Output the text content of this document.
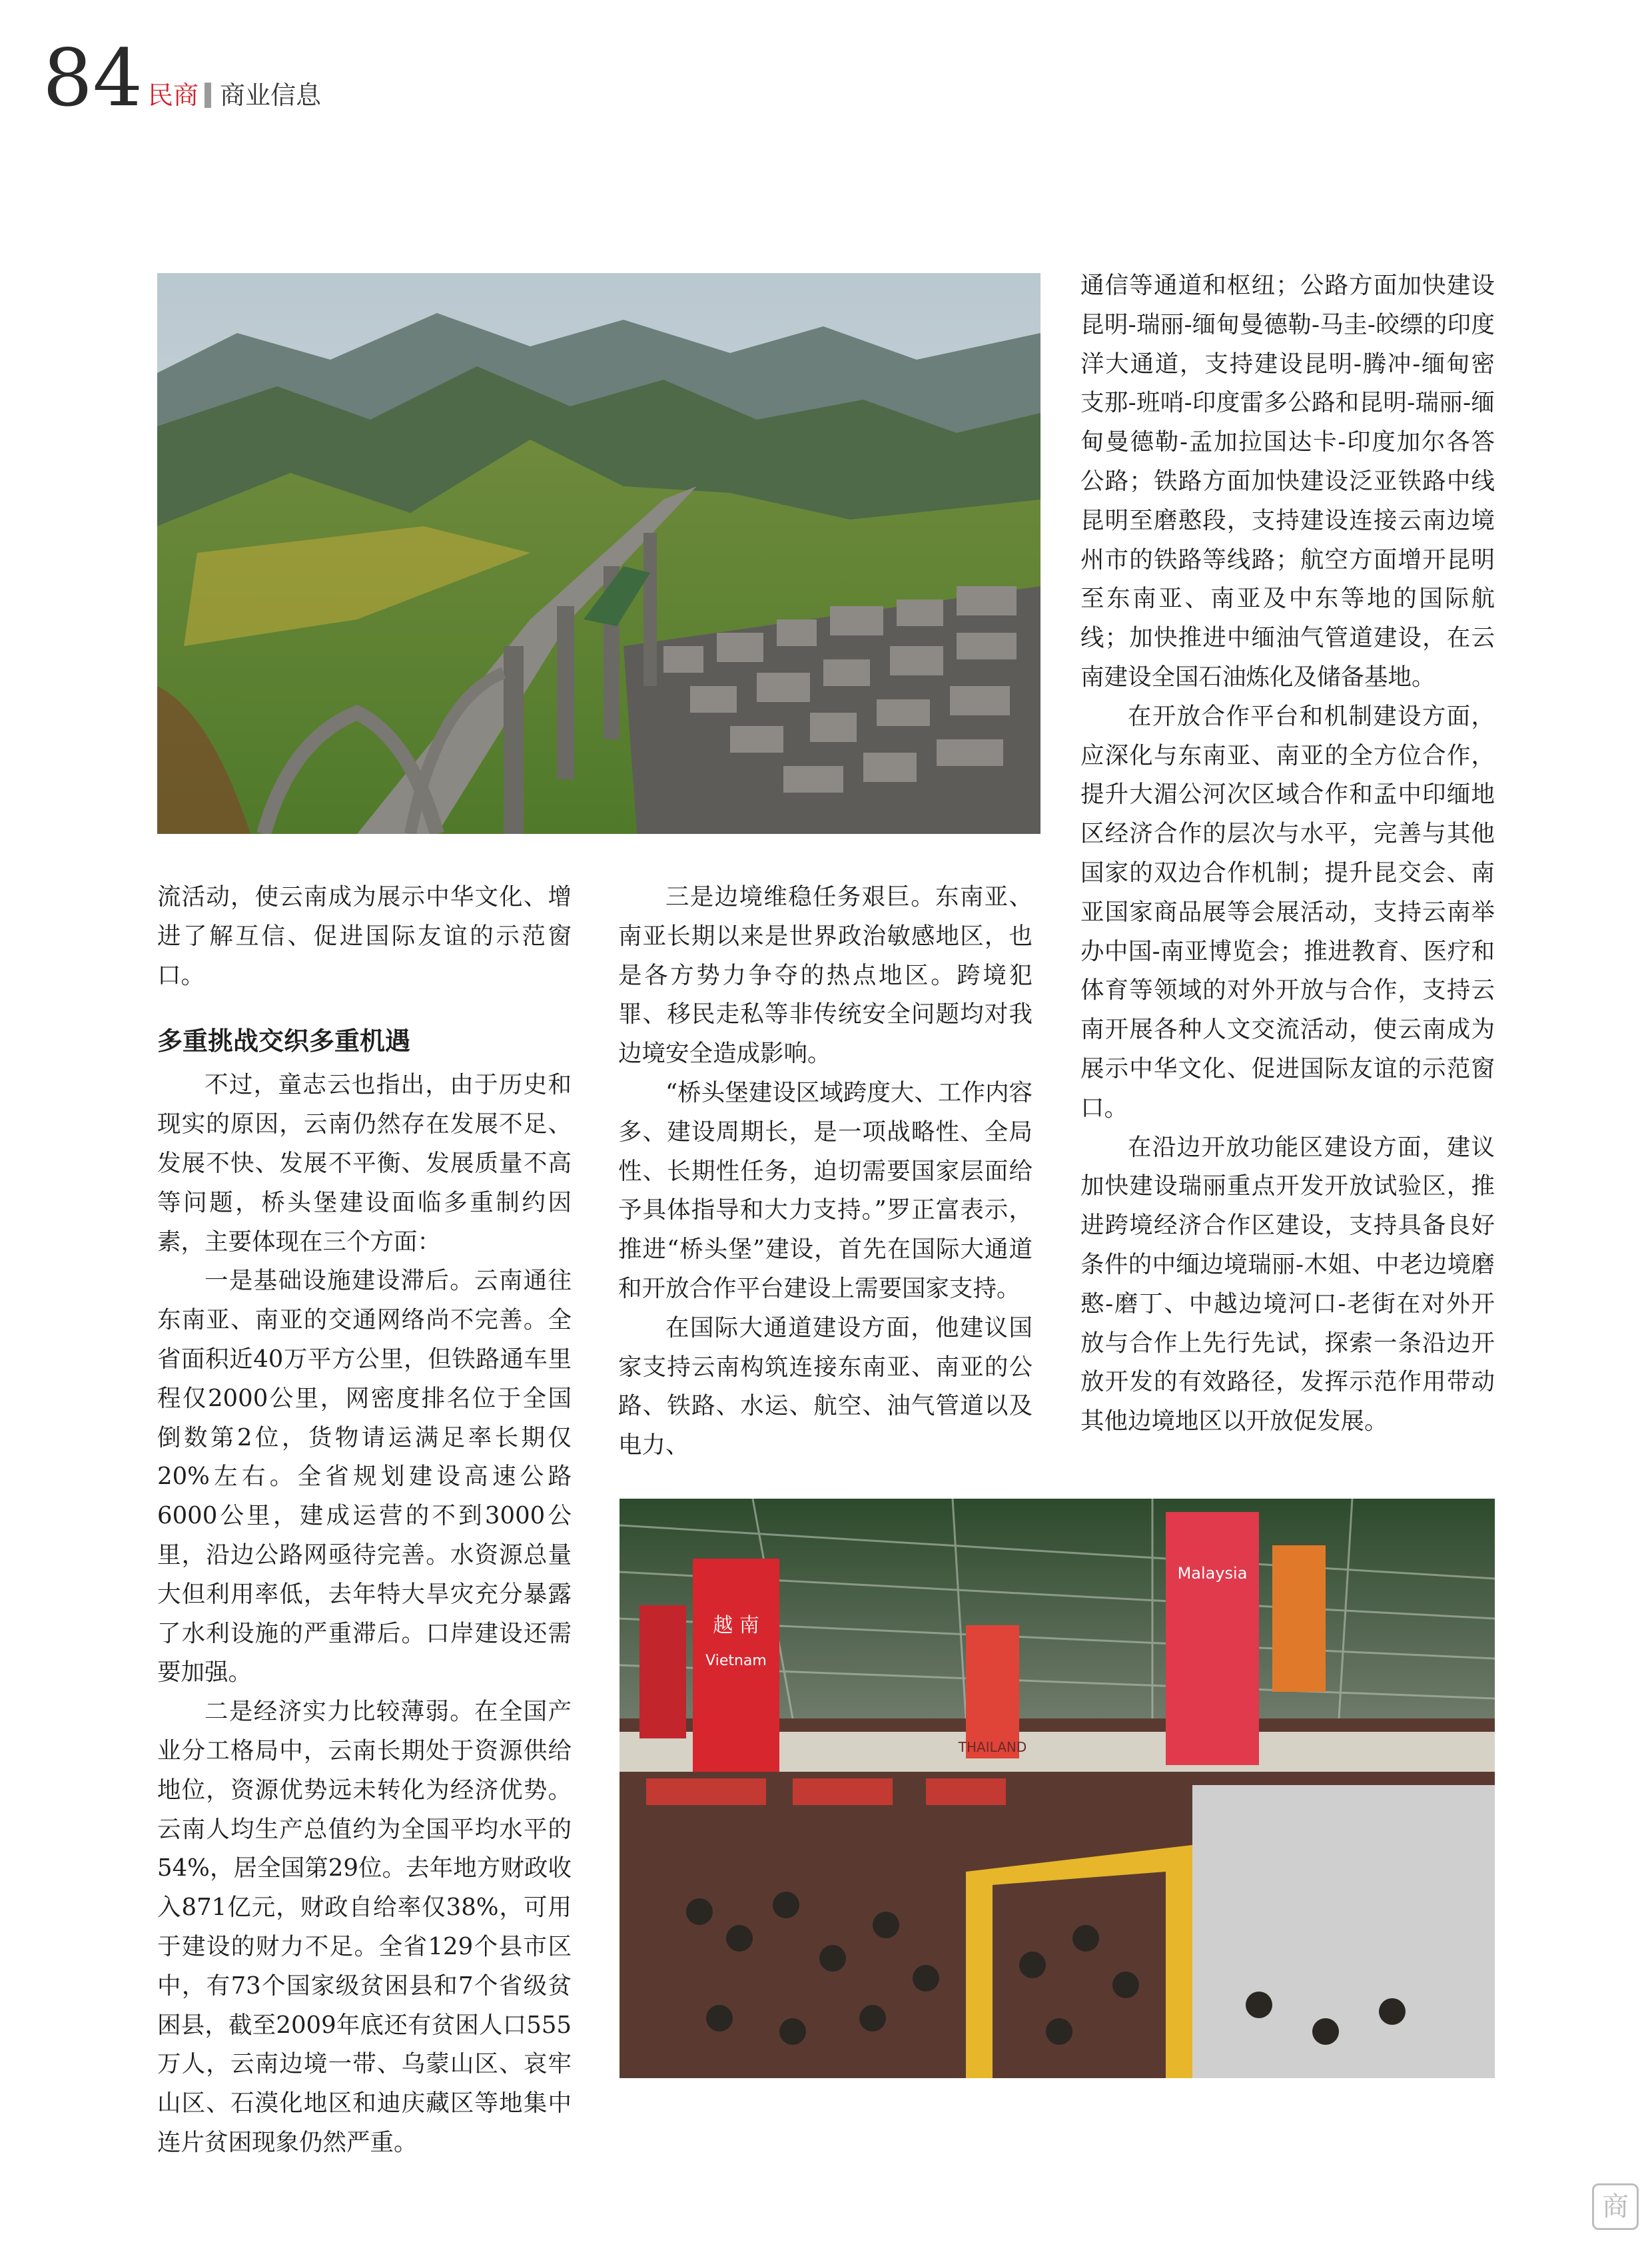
84 民商 商业信息

流活动，使云南成为展示中华文化、增进了解互信、促进国际友谊的示范窗口。

多重挑战交织多重机遇

不过，童志云也指出，由于历史和现实的原因，云南仍然存在发展不足、发展不快、发展不平衡、发展质量不高等问题，桥头堡建设面临多重制约因素，主要体现在三个方面：

一是基础设施建设滞后。云南通往东南亚、南亚的交通网络尚不完善。全省面积近40万平方公里，但铁路通车里程仅2000公里，网密度排名位于全国倒数第2位，货物请运满足率长期仅20%左右。全省规划建设高速公路6000公里，建成运营的不到3000公里，沿边公路网亟待完善。水资源总量大但利用率低，去年特大旱灾充分暴露了水利设施的严重滞后。口岸建设还需要加强。

二是经济实力比较薄弱。在全国产业分工格局中，云南长期处于资源供给地位，资源优势远未转化为经济优势。云南人均生产总值约为全国平均水平的54%，居全国第29位。去年地方财政收入871亿元，财政自给率仅38%，可用于建设的财力不足。全省129个县市区中，有73个国家级贫困县和7个省级贫困县，截至2009年底还有贫困人口555万人，云南边境一带、乌蒙山区、哀牢山区、石漠化地区和迪庆藏区等地集中连片贫困现象仍然严重。

三是边境维稳任务艰巨。东南亚、南亚长期以来是世界政治敏感地区，也是各方势力争夺的热点地区。跨境犯罪、移民走私等非传统安全问题均对我边境安全造成影响。

“桥头堡建设区域跨度大、工作内容多、建设周期长，是一项战略性、全局性、长期性任务，迫切需要国家层面给予具体指导和大力支持。”罗正富表示，推进“桥头堡”建设，首先在国际大通道和开放合作平台建设上需要国家支持。

在国际大通道建设方面，他建议国家支持云南构筑连接东南亚、南亚的公路、铁路、水运、航空、油气管道以及电力、

通信等通道和枢纽；公路方面加快建设昆明-瑞丽-缅甸曼德勒-马圭-皎缥的印度洋大通道，支持建设昆明-腾冲-缅甸密支那-班哨-印度雷多公路和昆明-瑞丽-缅甸曼德勒-孟加拉国达卡-印度加尔各答公路；铁路方面加快建设泛亚铁路中线昆明至磨憨段，支持建设连接云南边境州市的铁路等线路；航空方面增开昆明至东南亚、南亚及中东等地的国际航线；加快推进中缅油气管道建设，在云南建设全国石油炼化及储备基地。

在开放合作平台和机制建设方面，应深化与东南亚、南亚的全方位合作，提升大湄公河次区域合作和孟中印缅地区经济合作的层次与水平，完善与其他国家的双边合作机制；提升昆交会、南亚国家商品展等会展活动，支持云南举办中国-南亚博览会；推进教育、医疗和体育等领域的对外开放与合作，支持云南开展各种人文交流活动，使云南成为展示中华文化、促进国际友谊的示范窗口。

在沿边开放功能区建设方面，建议加快建设瑞丽重点开发开放试验区，推进跨境经济合作区建设，支持具备良好条件的中缅边境瑞丽-木姐、中老边境磨憨-磨丁、中越边境河口-老街在对外开放与合作上先行先试，探索一条沿边开放开发的有效路径，发挥示范作用带动其他边境地区以开放促发展。

越 南
Vietnam
Malaysia
THAILAND
商
